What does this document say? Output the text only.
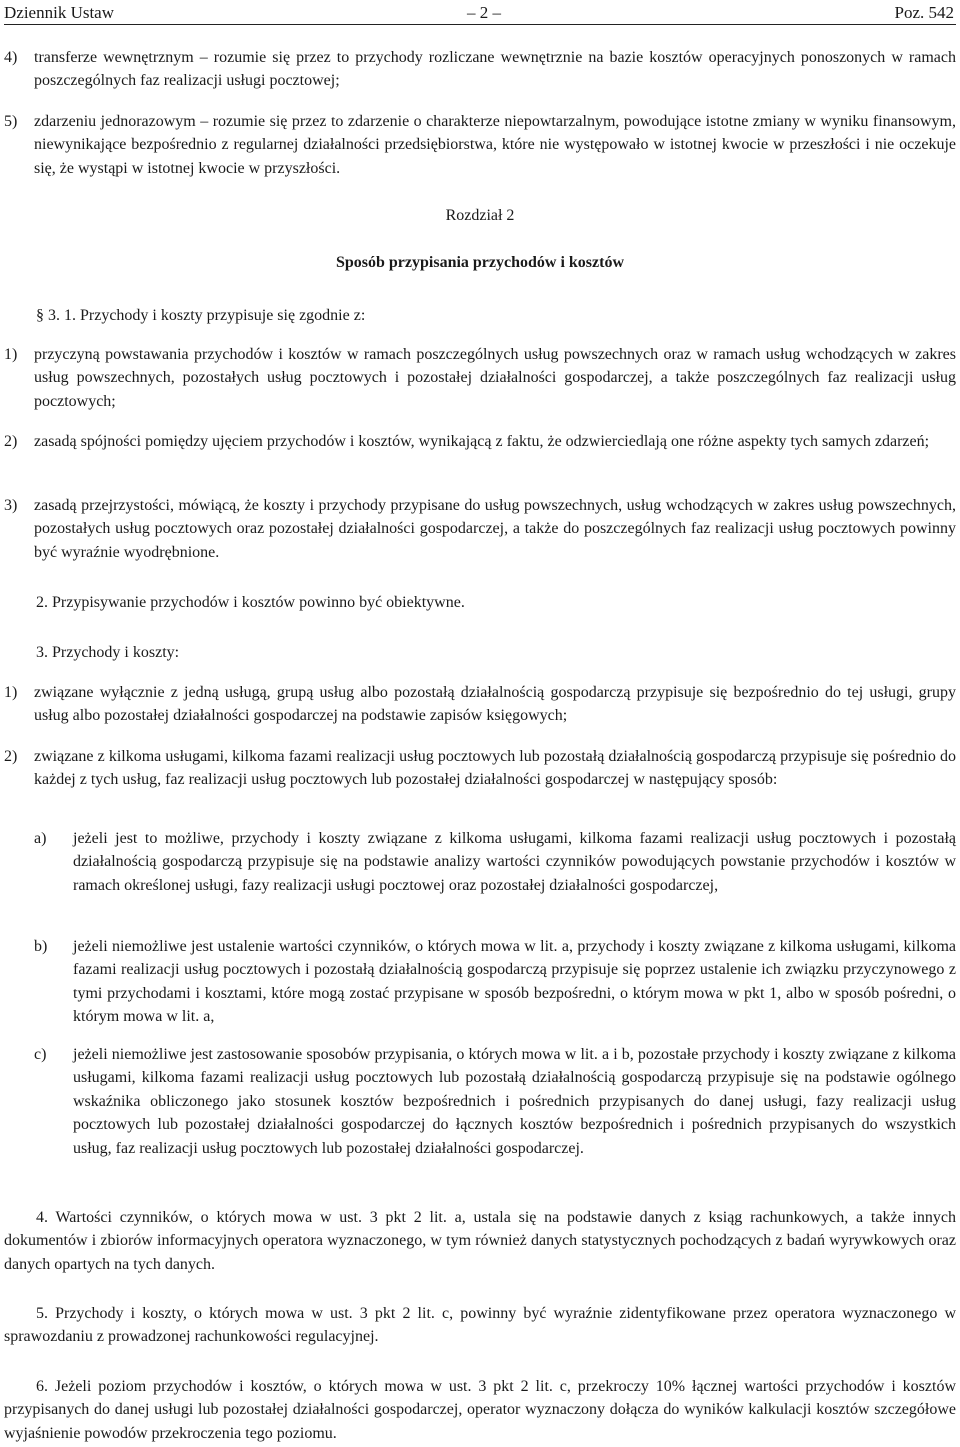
Dziennik Ustaw	– 2 –	Poz. 542
4) transferze wewnętrznym – rozumie się przez to przychody rozliczane wewnętrznie na bazie kosztów operacyjnych ponoszonych w ramach poszczególnych faz realizacji usługi pocztowej;
5) zdarzeniu jednorazowym – rozumie się przez to zdarzenie o charakterze niepowtarzalnym, powodujące istotne zmiany w wyniku finansowym, niewynikające bezpośrednio z regularnej działalności przedsiębiorstwa, które nie występowało w istotnej kwocie w przeszłości i nie oczekuje się, że wystąpi w istotnej kwocie w przyszłości.
Rozdział 2
Sposób przypisania przychodów i kosztów
§ 3. 1. Przychody i koszty przypisuje się zgodnie z:
1) przyczyną powstawania przychodów i kosztów w ramach poszczególnych usług powszechnych oraz w ramach usług wchodzących w zakres usług powszechnych, pozostałych usług pocztowych i pozostałej działalności gospodarczej, a także poszczególnych faz realizacji usług pocztowych;
2) zasadą spójności pomiędzy ujęciem przychodów i kosztów, wynikającą z faktu, że odzwierciedlają one różne aspekty tych samych zdarzeń;
3) zasadą przejrzystości, mówiącą, że koszty i przychody przypisane do usług powszechnych, usług wchodzących w zakres usług powszechnych, pozostałych usług pocztowych oraz pozostałej działalności gospodarczej, a także do poszczególnych faz realizacji usług pocztowych powinny być wyraźnie wyodrębnione.
2. Przypisywanie przychodów i kosztów powinno być obiektywne.
3. Przychody i koszty:
1) związane wyłącznie z jedną usługą, grupą usług albo pozostałą działalnością gospodarczą przypisuje się bezpośrednio do tej usługi, grupy usług albo pozostałej działalności gospodarczej na podstawie zapisów księgowych;
2) związane z kilkoma usługami, kilkoma fazami realizacji usług pocztowych lub pozostałą działalnością gospodarczą przypisuje się pośrednio do każdej z tych usług, faz realizacji usług pocztowych lub pozostałej działalności gospodarczej w następujący sposób:
a) jeżeli jest to możliwe, przychody i koszty związane z kilkoma usługami, kilkoma fazami realizacji usług pocztowych i pozostałą działalnością gospodarczą przypisuje się na podstawie analizy wartości czynników powodujących powstanie przychodów i kosztów w ramach określonej usługi, fazy realizacji usługi pocztowej oraz pozostałej działalności gospodarczej,
b) jeżeli niemożliwe jest ustalenie wartości czynników, o których mowa w lit. a, przychody i koszty związane z kilkoma usługami, kilkoma fazami realizacji usług pocztowych i pozostałą działalnością gospodarczą przypisuje się poprzez ustalenie ich związku przyczynowego z tymi przychodami i kosztami, które mogą zostać przypisane w sposób bezpośredni, o którym mowa w pkt 1, albo w sposób pośredni, o którym mowa w lit. a,
c) jeżeli niemożliwe jest zastosowanie sposobów przypisania, o których mowa w lit. a i b, pozostałe przychody i koszty związane z kilkoma usługami, kilkoma fazami realizacji usług pocztowych lub pozostałą działalnością gospodarczą przypisuje się na podstawie ogólnego wskaźnika obliczonego jako stosunek kosztów bezpośrednich i pośrednich przypisanych do danej usługi, fazy realizacji usług pocztowych lub pozostałej działalności gospodarczej do łącznych kosztów bezpośrednich i pośrednich przypisanych do wszystkich usług, faz realizacji usług pocztowych lub pozostałej działalności gospodarczej.
4. Wartości czynników, o których mowa w ust. 3 pkt 2 lit. a, ustala się na podstawie danych z ksiąg rachunkowych, a także innych dokumentów i zbiorów informacyjnych operatora wyznaczonego, w tym również danych statystycznych pochodzących z badań wyrywkowych oraz danych opartych na tych danych.
5. Przychody i koszty, o których mowa w ust. 3 pkt 2 lit. c, powinny być wyraźnie zidentyfikowane przez operatora wyznaczonego w sprawozdaniu z prowadzonej rachunkowości regulacyjnej.
6. Jeżeli poziom przychodów i kosztów, o których mowa w ust. 3 pkt 2 lit. c, przekroczy 10% łącznej wartości przychodów i kosztów przypisanych do danej usługi lub pozostałej działalności gospodarczej, operator wyznaczony dołącza do wyników kalkulacji kosztów szczegółowe wyjaśnienie powodów przekroczenia tego poziomu.
